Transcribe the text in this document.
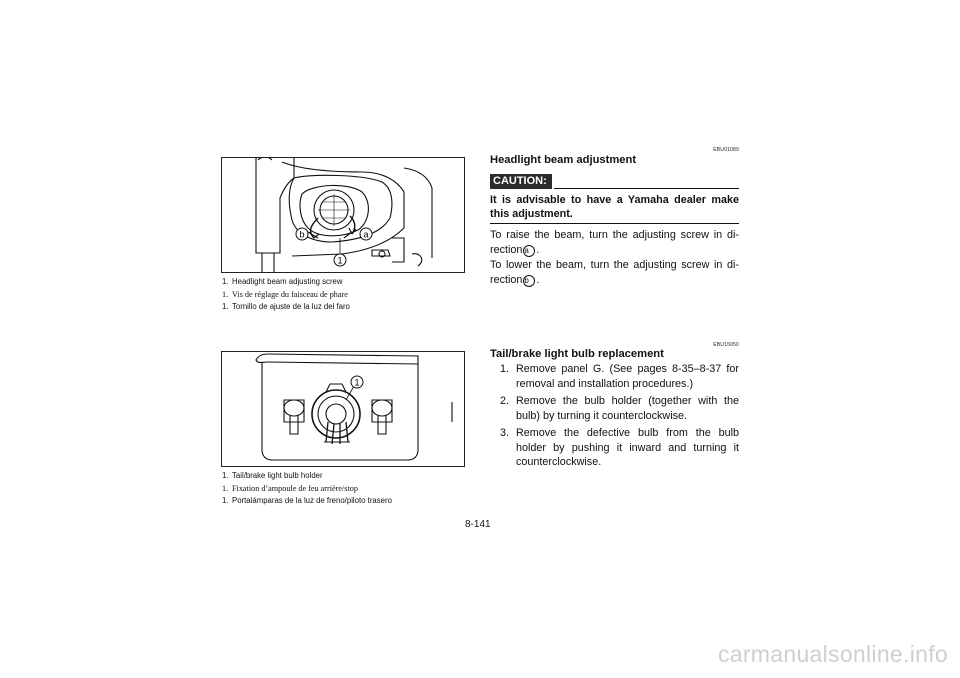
b	a
1
1. Headlight beam adjusting screw
1. Vis de réglage du faisceau de phare
1. Tornillo de ajuste de la luz del faro
1
1. Tail/brake light bulb holder
1. Fixation d’ampoule de feu arrière/stop
1. Portalámparas de la luz de freno/piloto trasero
EBU01089
Headlight beam adjustment
CAUTION:
It is advisable to have a Yamaha dealer make this adjustment.
To raise the beam, turn the adjusting screw in di-rection a .
To lower the beam, turn the adjusting screw in di-rection b .
EBU15050
Tail/brake light bulb replacement
1. Remove panel G. (See pages 8-35–8-37 for removal and installation procedures.)
2. Remove the bulb holder (together with the bulb) by turning it counterclockwise.
3. Remove the defective bulb from the bulb holder by pushing it inward and turning it counterclockwise.
8-141
carmanualsonline.info
